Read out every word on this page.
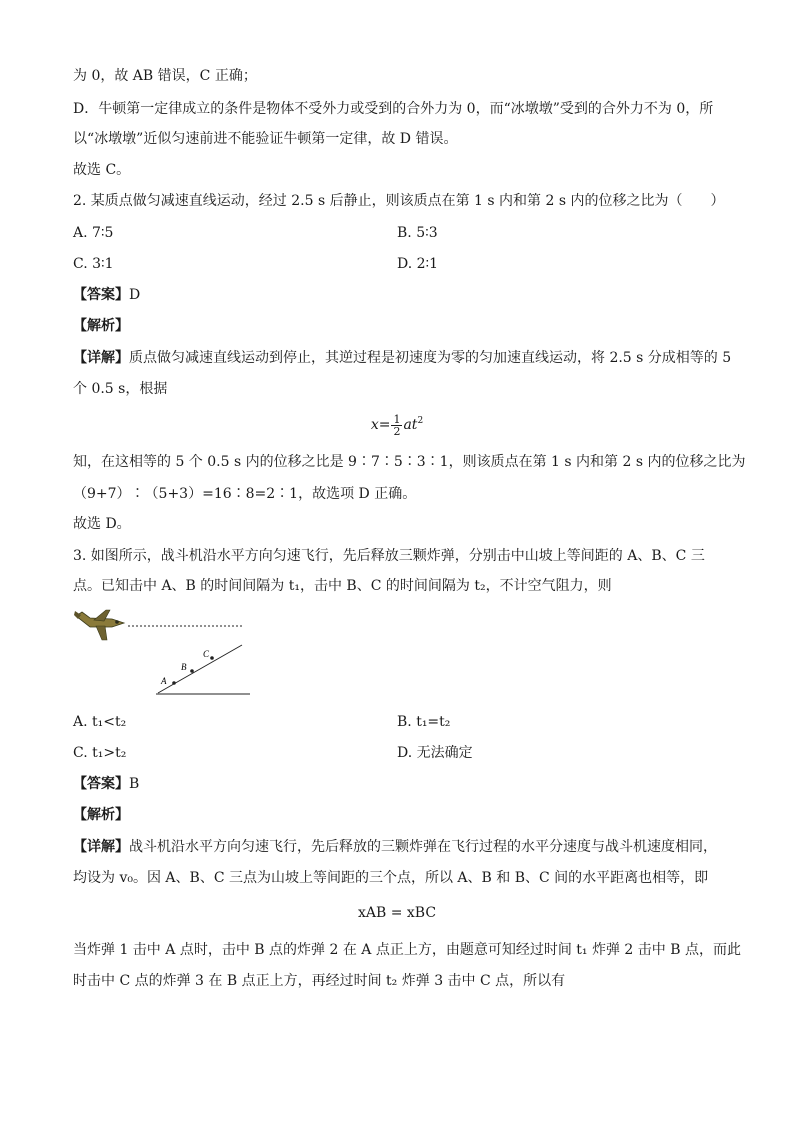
为 0，故 AB 错误，C 正确；
D．牛顿第一定律成立的条件是物体不受外力或受到的合外力为 0，而“冰墩墩”受到的合外力不为 0，所
以“冰墩墩”近似匀速前进不能验证牛顿第一定律，故 D 错误。
故选 C。
2. 某质点做匀减速直线运动，经过 2.5 s 后静止，则该质点在第 1 s 内和第 2 s 内的位移之比为（　　）
A. 7∶5	B. 5∶3
C. 3∶1	D. 2∶1
【答案】D
【解析】
【详解】质点做匀减速直线运动到停止，其逆过程是初速度为零的匀加速直线运动，将 2.5 s 分成相等的 5
个 0.5 s，根据
$x= \frac{1}{2} at^2$
知，在这相等的 5 个 0.5 s 内的位移之比是 9∶7∶5∶3∶1，则该质点在第 1 s 内和第 2 s 内的位移之比为
（9+7）∶（5+3）=16∶8=2∶1，故选项 D 正确。
故选 D。
3. 如图所示，战斗机沿水平方向匀速飞行，先后释放三颗炸弹，分别击中山坡上等间距的 A、B、C 三
点。已知击中 A、B 的时间间隔为 t₁，击中 B、C 的时间间隔为 t₂，不计空气阻力，则
A
B
C
A. t₁<t₂	B. t₁=t₂
C. t₁>t₂	D. 无法确定
【答案】B
【解析】
【详解】战斗机沿水平方向匀速飞行，先后释放的三颗炸弹在飞行过程的水平分速度与战斗机速度相同，
均设为 v₀。因 A、B、C 三点为山坡上等间距的三个点，所以 A、B 和 B、C 间的水平距离也相等，即
xAB = xBC
当炸弹 1 击中 A 点时，击中 B 点的炸弹 2 在 A 点正上方，由题意可知经过时间 t₁ 炸弹 2 击中 B 点，而此
时击中 C 点的炸弹 3 在 B 点正上方，再经过时间 t₂ 炸弹 3 击中 C 点，所以有
